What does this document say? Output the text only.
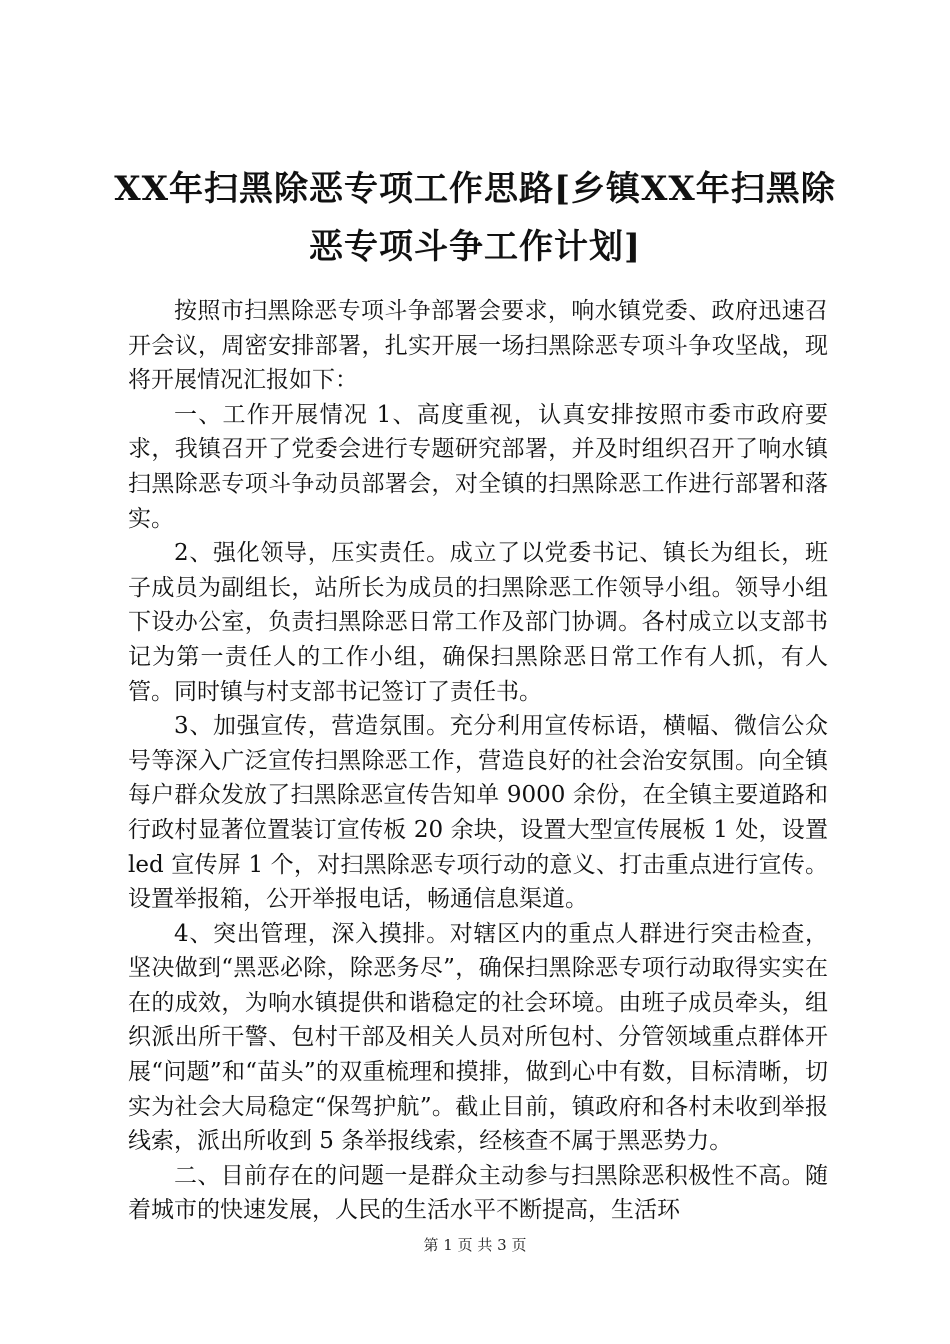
XX年扫黑除恶专项工作思路[乡镇XX年扫黑除恶专项斗争工作计划]

按照市扫黑除恶专项斗争部署会要求，响水镇党委、政府迅速召开会议，周密安排部署，扎实开展一场扫黑除恶专项斗争攻坚战，现将开展情况汇报如下：

一、工作开展情况 1、高度重视，认真安排按照市委市政府要求，我镇召开了党委会进行专题研究部署，并及时组织召开了响水镇扫黑除恶专项斗争动员部署会，对全镇的扫黑除恶工作进行部署和落实。

2、强化领导，压实责任。成立了以党委书记、镇长为组长，班子成员为副组长，站所长为成员的扫黑除恶工作领导小组。领导小组下设办公室，负责扫黑除恶日常工作及部门协调。各村成立以支部书记为第一责任人的工作小组，确保扫黑除恶日常工作有人抓，有人管。同时镇与村支部书记签订了责任书。

3、加强宣传，营造氛围。充分利用宣传标语，横幅、微信公众号等深入广泛宣传扫黑除恶工作，营造良好的社会治安氛围。向全镇每户群众发放了扫黑除恶宣传告知单 9000 余份，在全镇主要道路和行政村显著位置装订宣传板 20 余块，设置大型宣传展板 1 处，设置 led 宣传屏 1 个，对扫黑除恶专项行动的意义、打击重点进行宣传。设置举报箱，公开举报电话，畅通信息渠道。

4、突出管理，深入摸排。对辖区内的重点人群进行突击检查，坚决做到“黑恶必除，除恶务尽”，确保扫黑除恶专项行动取得实实在在的成效，为响水镇提供和谐稳定的社会环境。由班子成员牵头，组织派出所干警、包村干部及相关人员对所包村、分管领域重点群体开展“问题”和“苗头”的双重梳理和摸排，做到心中有数，目标清晰，切实为社会大局稳定“保驾护航”。截止目前，镇政府和各村未收到举报线索，派出所收到 5 条举报线索，经核查不属于黑恶势力。

二、目前存在的问题一是群众主动参与扫黑除恶积极性不高。随着城市的快速发展，人民的生活水平不断提高，生活环

第 1 页 共 3 页
